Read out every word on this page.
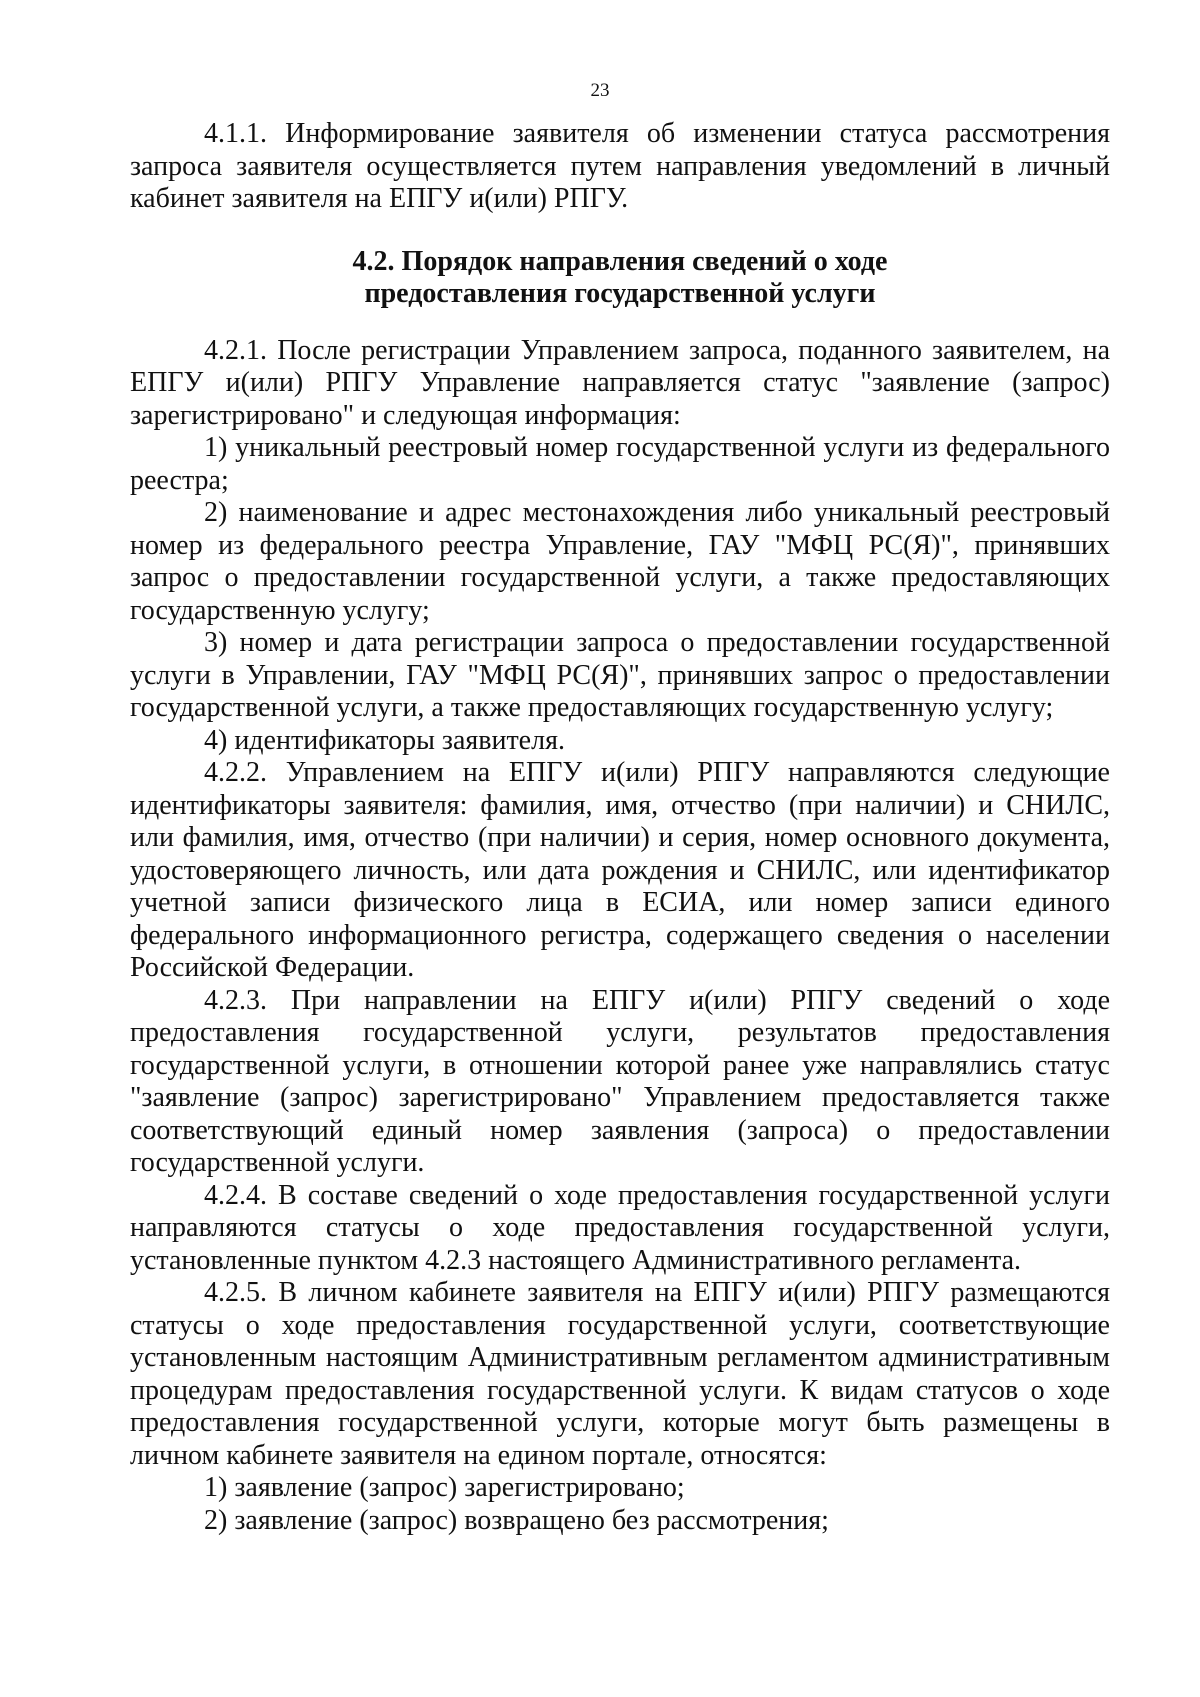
23

4.1.1. Информирование заявителя об изменении статуса рассмотрения запроса заявителя осуществляется путем направления уведомлений в личный кабинет заявителя на ЕПГУ и(или) РПГУ.

4.2. Порядок направления сведений о ходе
предоставления государственной услуги

4.2.1. После регистрации Управлением запроса, поданного заявителем, на ЕПГУ и(или) РПГУ Управление направляется статус "заявление (запрос) зарегистрировано" и следующая информация:

1) уникальный реестровый номер государственной услуги из федерального реестра;

2) наименование и адрес местонахождения либо уникальный реестровый номер из федерального реестра Управление, ГАУ "МФЦ РС(Я)", принявших запрос о предоставлении государственной услуги, а также предоставляющих государственную услугу;

3) номер и дата регистрации запроса о предоставлении государственной услуги в Управлении, ГАУ "МФЦ РС(Я)", принявших запрос о предоставлении государственной услуги, а также предоставляющих государственную услугу;

4) идентификаторы заявителя.

4.2.2. Управлением на ЕПГУ и(или) РПГУ направляются следующие идентификаторы заявителя: фамилия, имя, отчество (при наличии) и СНИЛС, или фамилия, имя, отчество (при наличии) и серия, номер основного документа, удостоверяющего личность, или дата рождения и СНИЛС, или идентификатор учетной записи физического лица в ЕСИА, или номер записи единого федерального информационного регистра, содержащего сведения о населении Российской Федерации.

4.2.3. При направлении на ЕПГУ и(или) РПГУ сведений о ходе предоставления государственной услуги, результатов предоставления государственной услуги, в отношении которой ранее уже направлялись статус "заявление (запрос) зарегистрировано" Управлением предоставляется также соответствующий единый номер заявления (запроса) о предоставлении государственной услуги.

4.2.4. В составе сведений о ходе предоставления государственной услуги направляются статусы о ходе предоставления государственной услуги, установленные пунктом 4.2.3 настоящего Административного регламента.

4.2.5. В личном кабинете заявителя на ЕПГУ и(или) РПГУ размещаются статусы о ходе предоставления государственной услуги, соответствующие установленным настоящим Административным регламентом административным процедурам предоставления государственной услуги. К видам статусов о ходе предоставления государственной услуги, которые могут быть размещены в личном кабинете заявителя на едином портале, относятся:

1) заявление (запрос) зарегистрировано;

2) заявление (запрос) возвращено без рассмотрения;
